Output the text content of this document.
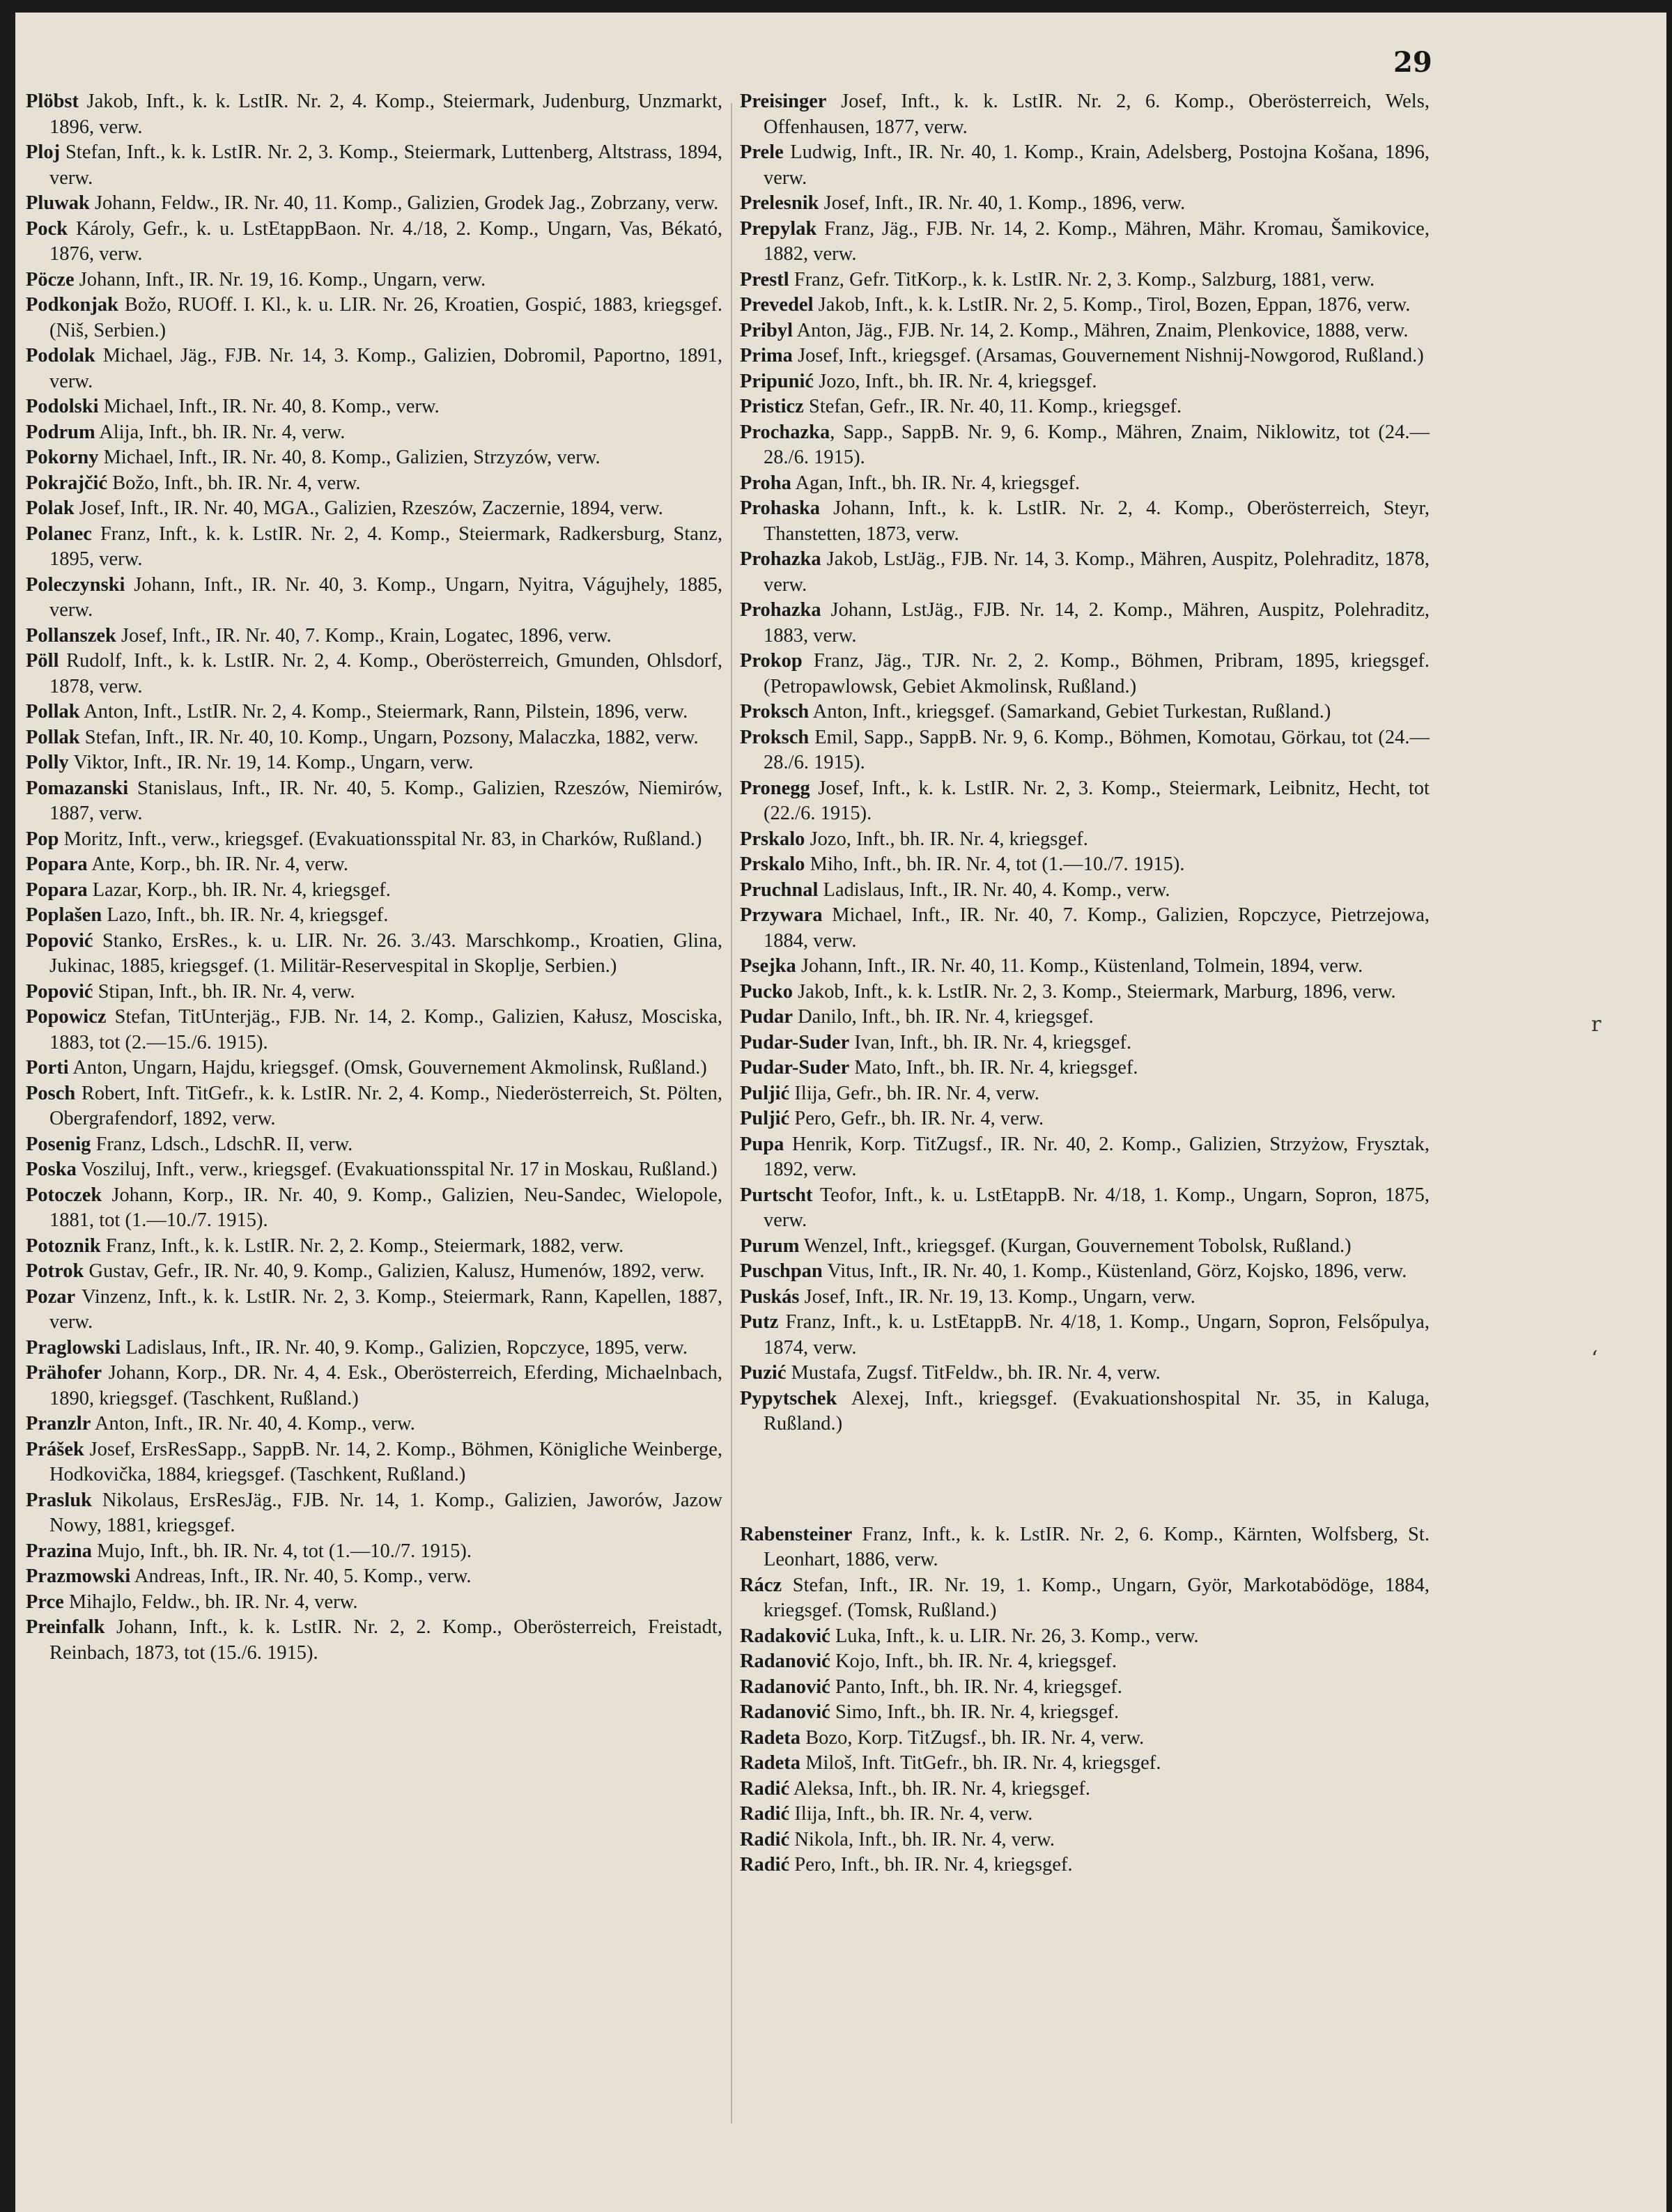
29
Plöbst Jakob, Inft., k. k. LstIR. Nr. 2, 4. Komp., Steiermark, Judenburg, Unzmarkt, 1896, verw.
Ploj Stefan, Inft., k. k. LstIR. Nr. 2, 3. Komp., Steiermark, Luttenberg, Altstrass, 1894, verw.
Pluwak Johann, Feldw., IR. Nr. 40, 11. Komp., Galizien, Grodek Jag., Zobrzany, verw.
Pock Károly, Gefr., k. u. LstEtappBaon. Nr. 4./18, 2. Komp., Ungarn, Vas, Békató, 1876, verw.
Pöcze Johann, Inft., IR. Nr. 19, 16. Komp., Ungarn, verw.
Podkonjak Božo, RUOff. I. Kl., k. u. LIR. Nr. 26, Kroatien, Gospić, 1883, kriegsgef. (Niš, Serbien.)
Podolak Michael, Jäg., FJB. Nr. 14, 3. Komp., Galizien, Dobromil, Paportno, 1891, verw.
Podolski Michael, Inft., IR. Nr. 40, 8. Komp., verw.
Podrum Alija, Inft., bh. IR. Nr. 4, verw.
Pokorny Michael, Inft., IR. Nr. 40, 8. Komp., Galizien, Strzyzów, verw.
Pokrajčić Božo, Inft., bh. IR. Nr. 4, verw.
Polak Josef, Inft., IR. Nr. 40, MGA., Galizien, Rzeszów, Zaczernie, 1894, verw.
Polanec Franz, Inft., k. k. LstIR. Nr. 2, 4. Komp., Steiermark, Radkersburg, Stanz, 1895, verw.
Poleczynski Johann, Inft., IR. Nr. 40, 3. Komp., Ungarn, Nyitra, Vágujhely, 1885, verw.
Pollanszek Josef, Inft., IR. Nr. 40, 7. Komp., Krain, Logatec, 1896, verw.
Pöll Rudolf, Inft., k. k. LstIR. Nr. 2, 4. Komp., Oberösterreich, Gmunden, Ohlsdorf, 1878, verw.
Pollak Anton, Inft., LstIR. Nr. 2, 4. Komp., Steiermark, Rann, Pilstein, 1896, verw.
Pollak Stefan, Inft., IR. Nr. 40, 10. Komp., Ungarn, Pozsony, Malaczka, 1882, verw.
Polly Viktor, Inft., IR. Nr. 19, 14. Komp., Ungarn, verw.
Pomazanski Stanislaus, Inft., IR. Nr. 40, 5. Komp., Galizien, Rzeszów, Niemirów, 1887, verw.
Pop Moritz, Inft., verw., kriegsgef. (Evakuationsspital Nr. 83, in Charków, Rußland.)
Popara Ante, Korp., bh. IR. Nr. 4, verw.
Popara Lazar, Korp., bh. IR. Nr. 4, kriegsgef.
Poplašen Lazo, Inft., bh. IR. Nr. 4, kriegsgef.
Popović Stanko, ErsRes., k. u. LIR. Nr. 26. 3./43. Marschkomp., Kroatien, Glina, Jukinac, 1885, kriegsgef. (1. Militär-Reservespital in Skoplje, Serbien.)
Popović Stipan, Inft., bh. IR. Nr. 4, verw.
Popowicz Stefan, TitUnterjäg., FJB. Nr. 14, 2. Komp., Galizien, Kałusz, Mosciska, 1883, tot (2.—15./6. 1915).
Porti Anton, Ungarn, Hajdu, kriegsgef. (Omsk, Gouvernement Akmolinsk, Rußland.)
Posch Robert, Inft. TitGefr., k. k. LstIR. Nr. 2, 4. Komp., Niederösterreich, St. Pölten, Obergrafendorf, 1892, verw.
Posenig Franz, Ldsch., LdschR. II, verw.
Poska Vosziluj, Inft., verw., kriegsgef. (Evakuationsspital Nr. 17 in Moskau, Rußland.)
Potoczek Johann, Korp., IR. Nr. 40, 9. Komp., Galizien, Neu-Sandec, Wielopole, 1881, tot (1.—10./7. 1915).
Potoznik Franz, Inft., k. k. LstIR. Nr. 2, 2. Komp., Steiermark, 1882, verw.
Potrok Gustav, Gefr., IR. Nr. 40, 9. Komp., Galizien, Kalusz, Humenów, 1892, verw.
Pozar Vinzenz, Inft., k. k. LstIR. Nr. 2, 3. Komp., Steiermark, Rann, Kapellen, 1887, verw.
Praglowski Ladislaus, Inft., IR. Nr. 40, 9. Komp., Galizien, Ropczyce, 1895, verw.
Prähofer Johann, Korp., DR. Nr. 4, 4. Esk., Oberösterreich, Eferding, Michaelnbach, 1890, kriegsgef. (Taschkent, Rußland.)
Pranzlr Anton, Inft., IR. Nr. 40, 4. Komp., verw.
Prášek Josef, ErsResSapp., SappB. Nr. 14, 2. Komp., Böhmen, Königliche Weinberge, Hodkovička, 1884, kriegsgef. (Taschkent, Rußland.)
Prasluk Nikolaus, ErsResJäg., FJB. Nr. 14, 1. Komp., Galizien, Jaworów, Jazow Nowy, 1881, kriegsgef.
Prazina Mujo, Inft., bh. IR. Nr. 4, tot (1.—10./7. 1915).
Prazmowski Andreas, Inft., IR. Nr. 40, 5. Komp., verw.
Prce Mihajlo, Feldw., bh. IR. Nr. 4, verw.
Preinfalk Johann, Inft., k. k. LstIR. Nr. 2, 2. Komp., Oberösterreich, Freistadt, Reinbach, 1873, tot (15./6. 1915).
Preisinger Josef, Inft., k. k. LstIR. Nr. 2, 6. Komp., Oberösterreich, Wels, Offenhausen, 1877, verw.
Prele Ludwig, Inft., IR. Nr. 40, 1. Komp., Krain, Adelsberg, Postojna Košana, 1896, verw.
Prelesnik Josef, Inft., IR. Nr. 40, 1. Komp., 1896, verw.
Prepylak Franz, Jäg., FJB. Nr. 14, 2. Komp., Mähren, Mähr. Kromau, Šamikovice, 1882, verw.
Prestl Franz, Gefr. TitKorp., k. k. LstIR. Nr. 2, 3. Komp., Salzburg, 1881, verw.
Prevedel Jakob, Inft., k. k. LstIR. Nr. 2, 5. Komp., Tirol, Bozen, Eppan, 1876, verw.
Pribyl Anton, Jäg., FJB. Nr. 14, 2. Komp., Mähren, Znaim, Plenkovice, 1888, verw.
Prima Josef, Inft., kriegsgef. (Arsamas, Gouvernement Nishnij-Nowgorod, Rußland.)
Pripunić Jozo, Inft., bh. IR. Nr. 4, kriegsgef.
Pristicz Stefan, Gefr., IR. Nr. 40, 11. Komp., kriegsgef.
Prochazka, Sapp., SappB. Nr. 9, 6. Komp., Mähren, Znaim, Niklowitz, tot (24.—28./6. 1915).
Proha Agan, Inft., bh. IR. Nr. 4, kriegsgef.
Prohaska Johann, Inft., k. k. LstIR. Nr. 2, 4. Komp., Oberösterreich, Steyr, Thanstetten, 1873, verw.
Prohazka Jakob, LstJäg., FJB. Nr. 14, 3. Komp., Mähren, Auspitz, Polehraditz, 1878, verw.
Prohazka Johann, LstJäg., FJB. Nr. 14, 2. Komp., Mähren, Auspitz, Polehraditz, 1883, verw.
Prokop Franz, Jäg., TJR. Nr. 2, 2. Komp., Böhmen, Pribram, 1895, kriegsgef. (Petropawlowsk, Gebiet Akmolinsk, Rußland.)
Proksch Anton, Inft., kriegsgef. (Samarkand, Gebiet Turkestan, Rußland.)
Proksch Emil, Sapp., SappB. Nr. 9, 6. Komp., Böhmen, Komotau, Görkau, tot (24.—28./6. 1915).
Pronegg Josef, Inft., k. k. LstIR. Nr. 2, 3. Komp., Steiermark, Leibnitz, Hecht, tot (22./6. 1915).
Prskalo Jozo, Inft., bh. IR. Nr. 4, kriegsgef.
Prskalo Miho, Inft., bh. IR. Nr. 4, tot (1.—10./7. 1915).
Pruchnal Ladislaus, Inft., IR. Nr. 40, 4. Komp., verw.
Przywara Michael, Inft., IR. Nr. 40, 7. Komp., Galizien, Ropczyce, Pietrzejowa, 1884, verw.
Psejka Johann, Inft., IR. Nr. 40, 11. Komp., Küstenland, Tolmein, 1894, verw.
Pucko Jakob, Inft., k. k. LstIR. Nr. 2, 3. Komp., Steiermark, Marburg, 1896, verw.
Pudar Danilo, Inft., bh. IR. Nr. 4, kriegsgef.
Pudar-Suder Ivan, Inft., bh. IR. Nr. 4, kriegsgef.
Pudar-Suder Mato, Inft., bh. IR. Nr. 4, kriegsgef.
Puljić Ilija, Gefr., bh. IR. Nr. 4, verw.
Puljić Pero, Gefr., bh. IR. Nr. 4, verw.
Pupa Henrik, Korp. TitZugsf., IR. Nr. 40, 2. Komp., Galizien, Strzyżow, Frysztak, 1892, verw.
Purtscht Teofor, Inft., k. u. LstEtappB. Nr. 4/18, 1. Komp., Ungarn, Sopron, 1875, verw.
Purum Wenzel, Inft., kriegsgef. (Kurgan, Gouvernement Tobolsk, Rußland.)
Puschpan Vitus, Inft., IR. Nr. 40, 1. Komp., Küstenland, Görz, Kojsko, 1896, verw.
Puskás Josef, Inft., IR. Nr. 19, 13. Komp., Ungarn, verw.
Putz Franz, Inft., k. u. LstEtappB. Nr. 4/18, 1. Komp., Ungarn, Sopron, Felsőpulya, 1874, verw.
Puzić Mustafa, Zugsf. TitFeldw., bh. IR. Nr. 4, verw.
Pypytschek Alexej, Inft., kriegsgef. (Evakuationshospital Nr. 35, in Kaluga, Rußland.)
Rabensteiner Franz, Inft., k. k. LstIR. Nr. 2, 6. Komp., Kärnten, Wolfsberg, St. Leonhart, 1886, verw.
Rácz Stefan, Inft., IR. Nr. 19, 1. Komp., Ungarn, Györ, Markotabödöge, 1884, kriegsgef. (Tomsk, Rußland.)
Radaković Luka, Inft., k. u. LIR. Nr. 26, 3. Komp., verw.
Radanović Kojo, Inft., bh. IR. Nr. 4, kriegsgef.
Radanović Panto, Inft., bh. IR. Nr. 4, kriegsgef.
Radanović Simo, Inft., bh. IR. Nr. 4, kriegsgef.
Radeta Bozo, Korp. TitZugsf., bh. IR. Nr. 4, verw.
Radeta Miloš, Inft. TitGefr., bh. IR. Nr. 4, kriegsgef.
Radić Aleksa, Inft., bh. IR. Nr. 4, kriegsgef.
Radić Ilija, Inft., bh. IR. Nr. 4, verw.
Radić Nikola, Inft., bh. IR. Nr. 4, verw.
Radić Pero, Inft., bh. IR. Nr. 4, kriegsgef.
r
ʻ
